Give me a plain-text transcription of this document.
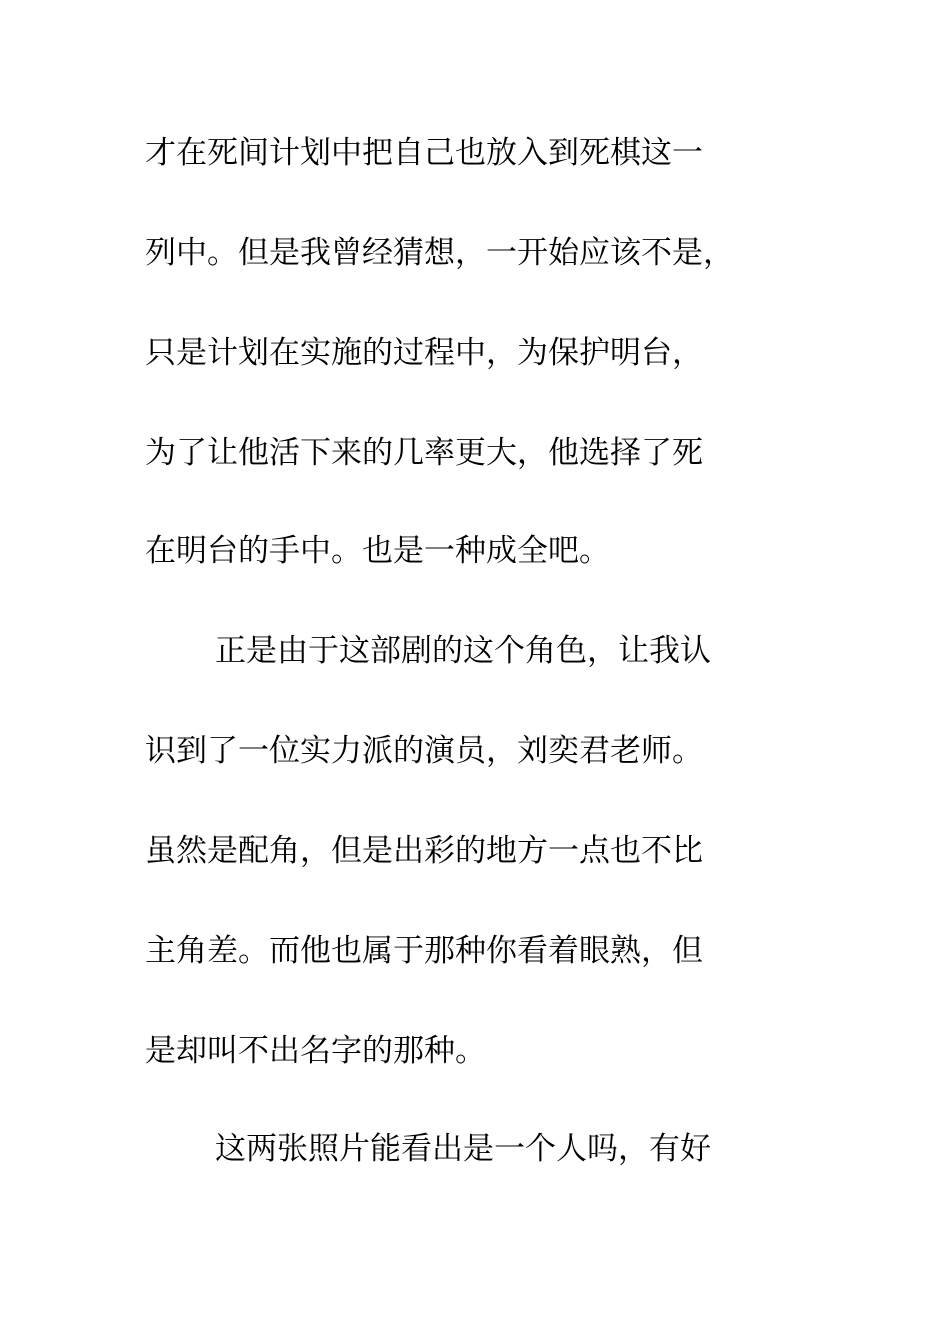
才在死间计划中把自己也放入到死棋这一
列中。但是我曾经猜想，一开始应该不是，
只是计划在实施的过程中，为保护明台，
为了让他活下来的几率更大，他选择了死
在明台的手中。也是一种成全吧。
正是由于这部剧的这个角色，让我认
识到了一位实力派的演员，刘奕君老师。
虽然是配角，但是出彩的地方一点也不比
主角差。而他也属于那种你看着眼熟，但
是却叫不出名字的那种。
这两张照片能看出是一个人吗，有好
